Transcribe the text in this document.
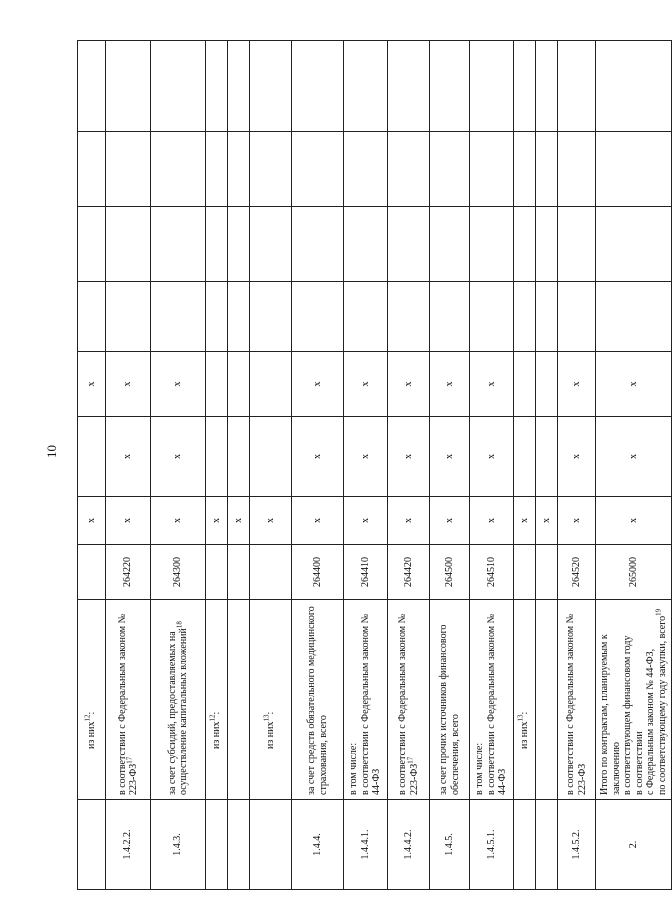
10
	из них$^{12}$:		х		х					
1.4.2.2.	в соответствии с Федеральным законом № 223-ФЗ$^{17}$	264220	х	х	х					
1.4.3.	за счет субсидий, предоставляемых на осуществление капитальных вложений$^{18}$	264300	х	х	х					
	из них$^{12}$:		х							
			х							
	из них$^{13}$:		х							
1.4.4.	за счет средств обязательного медицинского страхования, всего	264400	х	х	х					
1.4.4.1.	в том числе:
в соответствии с Федеральным законом № 44-ФЗ	264410	х	х	х					
1.4.4.2.	в соответствии с Федеральным законом № 223-ФЗ$^{17}$	264420	х	х	х					
1.4.5.	за счет прочих источников финансового обеспечения, всего	264500	х	х	х					
1.4.5.1.	в том числе:
в соответствии с Федеральным законом № 44-ФЗ	264510	х	х	х					
	из них$^{13}$:		х							
			х							
1.4.5.2.	в соответствии с Федеральным законом № 223-ФЗ	264520	х	х	х					
2.	Итого по контрактам, планируемым к заключению
в соответствующем финансовом году
в соответствии
с Федеральным законом № 44-ФЗ,
по соответствующему году закупки, всего$^{19}$	265000	х	х	х					
